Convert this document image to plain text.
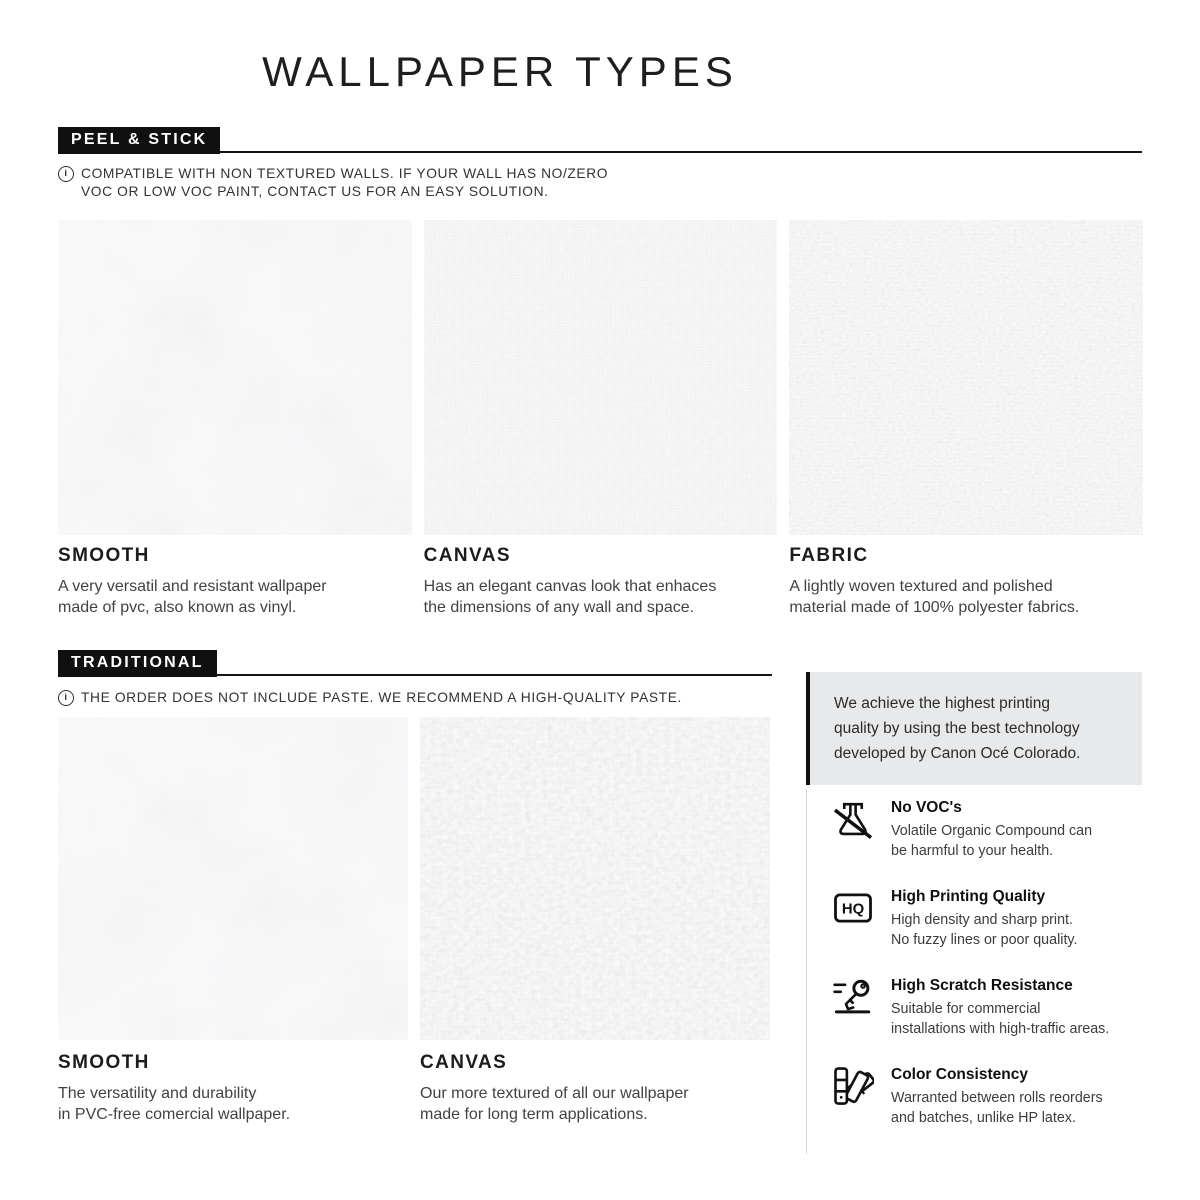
WALLPAPER TYPES
PEEL & STICK
i COMPATIBLE WITH NON TEXTURED WALLS. IF YOUR WALL HAS NO/ZERO
VOC OR LOW VOC PAINT, CONTACT US FOR AN EASY SOLUTION.
SMOOTH

A very versatil and resistant wallpaper
made of pvc, also known as vinyl.

CANVAS

Has an elegant canvas look that enhaces
the dimensions of any wall and space.

FABRIC

A lightly woven textured and polished
material made of 100% polyester fabrics.

TRADITIONAL
i THE ORDER DOES NOT INCLUDE PASTE. WE RECOMMEND A HIGH-QUALITY PASTE.
SMOOTH

The versatility and durability
in PVC-free comercial wallpaper.

CANVAS

Our more textured of all our wallpaper
made for long term applications.

We achieve the highest printing
quality by using the best technology
developed by Canon Océ Colorado.
No VOC's
Volatile Organic Compound can
be harmful to your health.
HQ
High Printing Quality
High density and sharp print.
No fuzzy lines or poor quality.
High Scratch Resistance
Suitable for commercial
installations with high-traffic areas.
Color Consistency
Warranted between rolls reorders
and batches, unlike HP latex.
